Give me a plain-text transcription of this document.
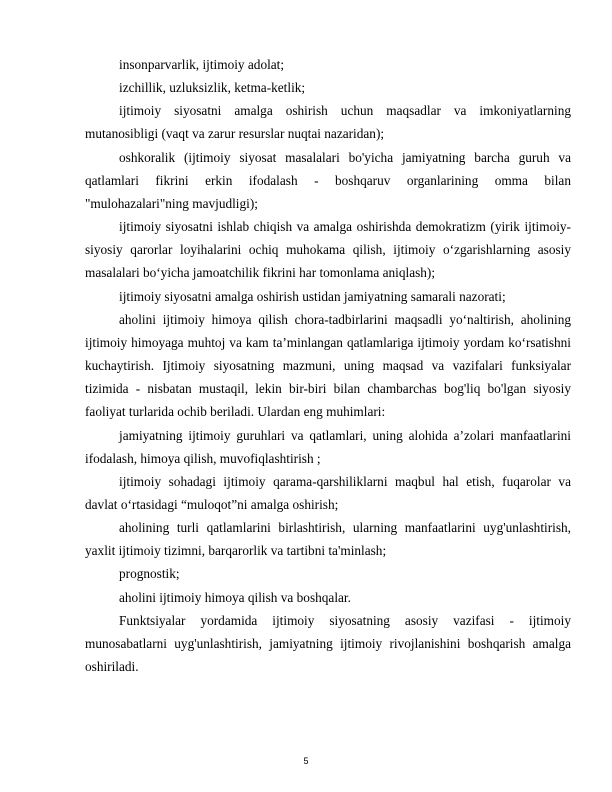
insonparvarlik, ijtimoiy adolat;

izchillik, uzluksizlik, ketma-ketlik;

ijtimoiy siyosatni amalga oshirish uchun maqsadlar va imkoniyatlarning mutanosibligi (vaqt va zarur resurslar nuqtai nazaridan);

oshkoralik (ijtimoiy siyosat masalalari bo'yicha jamiyatning barcha guruh va qatlamlari fikrini erkin ifodalash - boshqaruv organlarining omma bilan "mulohazalari"ning mavjudligi);

ijtimoiy siyosatni ishlab chiqish va amalga oshirishda demokratizm (yirik ijtimoiy-siyosiy qarorlar loyihalarini ochiq muhokama qilish, ijtimoiy o‘zgarishlarning asosiy masalalari bo‘yicha jamoatchilik fikrini har tomonlama aniqlash);

ijtimoiy siyosatni amalga oshirish ustidan jamiyatning samarali nazorati;

aholini ijtimoiy himoya qilish chora-tadbirlarini maqsadli yo‘naltirish, aholining ijtimoiy himoyaga muhtoj va kam ta’minlangan qatlamlariga ijtimoiy yordam ko‘rsatishni kuchaytirish. Ijtimoiy siyosatning mazmuni, uning maqsad va vazifalari funksiyalar tizimida - nisbatan mustaqil, lekin bir-biri bilan chambarchas bog'liq bo'lgan siyosiy faoliyat turlarida ochib beriladi. Ulardan eng muhimlari:

jamiyatning ijtimoiy guruhlari va qatlamlari, uning alohida a’zolari manfaatlarini ifodalash, himoya qilish, muvofiqlashtirish ;

ijtimoiy sohadagi ijtimoiy qarama-qarshiliklarni maqbul hal etish, fuqarolar va davlat o‘rtasidagi “muloqot”ni amalga oshirish;

aholining turli qatlamlarini birlashtirish, ularning manfaatlarini uyg'unlashtirish, yaxlit ijtimoiy tizimni, barqarorlik va tartibni ta'minlash;

prognostik;

aholini ijtimoiy himoya qilish va boshqalar.

Funktsiyalar yordamida ijtimoiy siyosatning asosiy vazifasi - ijtimoiy munosabatlarni uyg'unlashtirish, jamiyatning ijtimoiy rivojlanishini boshqarish amalga oshiriladi.

5
